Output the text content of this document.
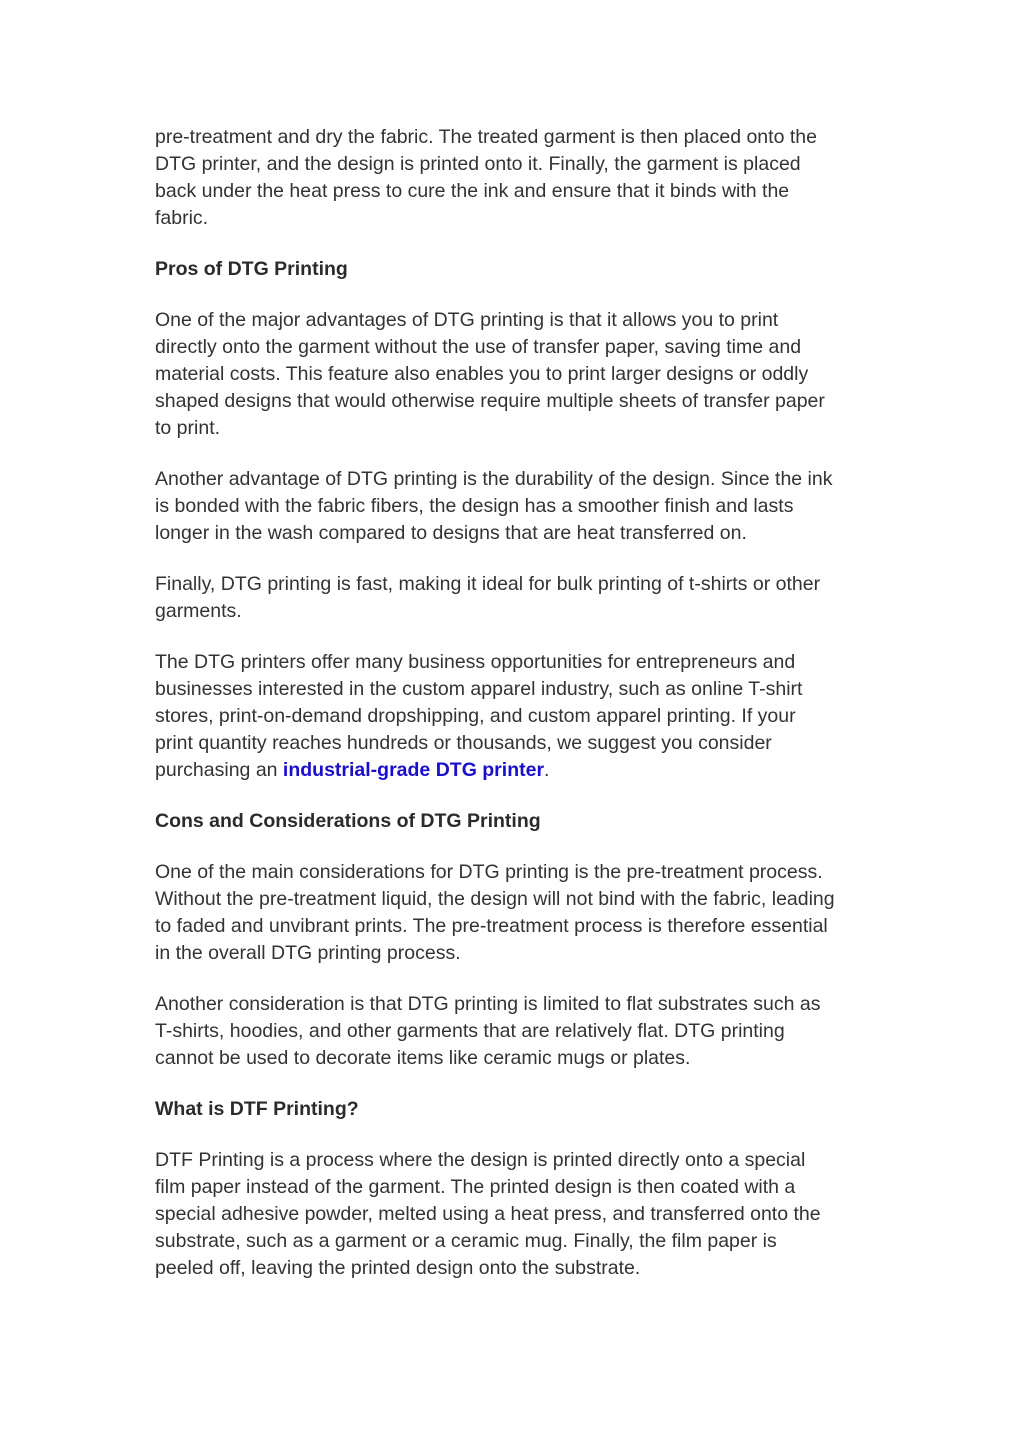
pre-treatment and dry the fabric. The treated garment is then placed onto the
DTG printer, and the design is printed onto it. Finally, the garment is placed
back under the heat press to cure the ink and ensure that it binds with the
fabric.

Pros of DTG Printing

One of the major advantages of DTG printing is that it allows you to print
directly onto the garment without the use of transfer paper, saving time and
material costs. This feature also enables you to print larger designs or oddly
shaped designs that would otherwise require multiple sheets of transfer paper
to print.

Another advantage of DTG printing is the durability of the design. Since the ink
is bonded with the fabric fibers, the design has a smoother finish and lasts
longer in the wash compared to designs that are heat transferred on.

Finally, DTG printing is fast, making it ideal for bulk printing of t-shirts or other
garments.

The DTG printers offer many business opportunities for entrepreneurs and
businesses interested in the custom apparel industry, such as online T-shirt
stores, print-on-demand dropshipping, and custom apparel printing. If your
print quantity reaches hundreds or thousands, we suggest you consider
purchasing an industrial-grade DTG printer.

Cons and Considerations of DTG Printing

One of the main considerations for DTG printing is the pre-treatment process.
Without the pre-treatment liquid, the design will not bind with the fabric, leading
to faded and unvibrant prints. The pre-treatment process is therefore essential
in the overall DTG printing process.

Another consideration is that DTG printing is limited to flat substrates such as
T-shirts, hoodies, and other garments that are relatively flat. DTG printing
cannot be used to decorate items like ceramic mugs or plates.

What is DTF Printing?

DTF Printing is a process where the design is printed directly onto a special
film paper instead of the garment. The printed design is then coated with a
special adhesive powder, melted using a heat press, and transferred onto the
substrate, such as a garment or a ceramic mug. Finally, the film paper is
peeled off, leaving the printed design onto the substrate.
